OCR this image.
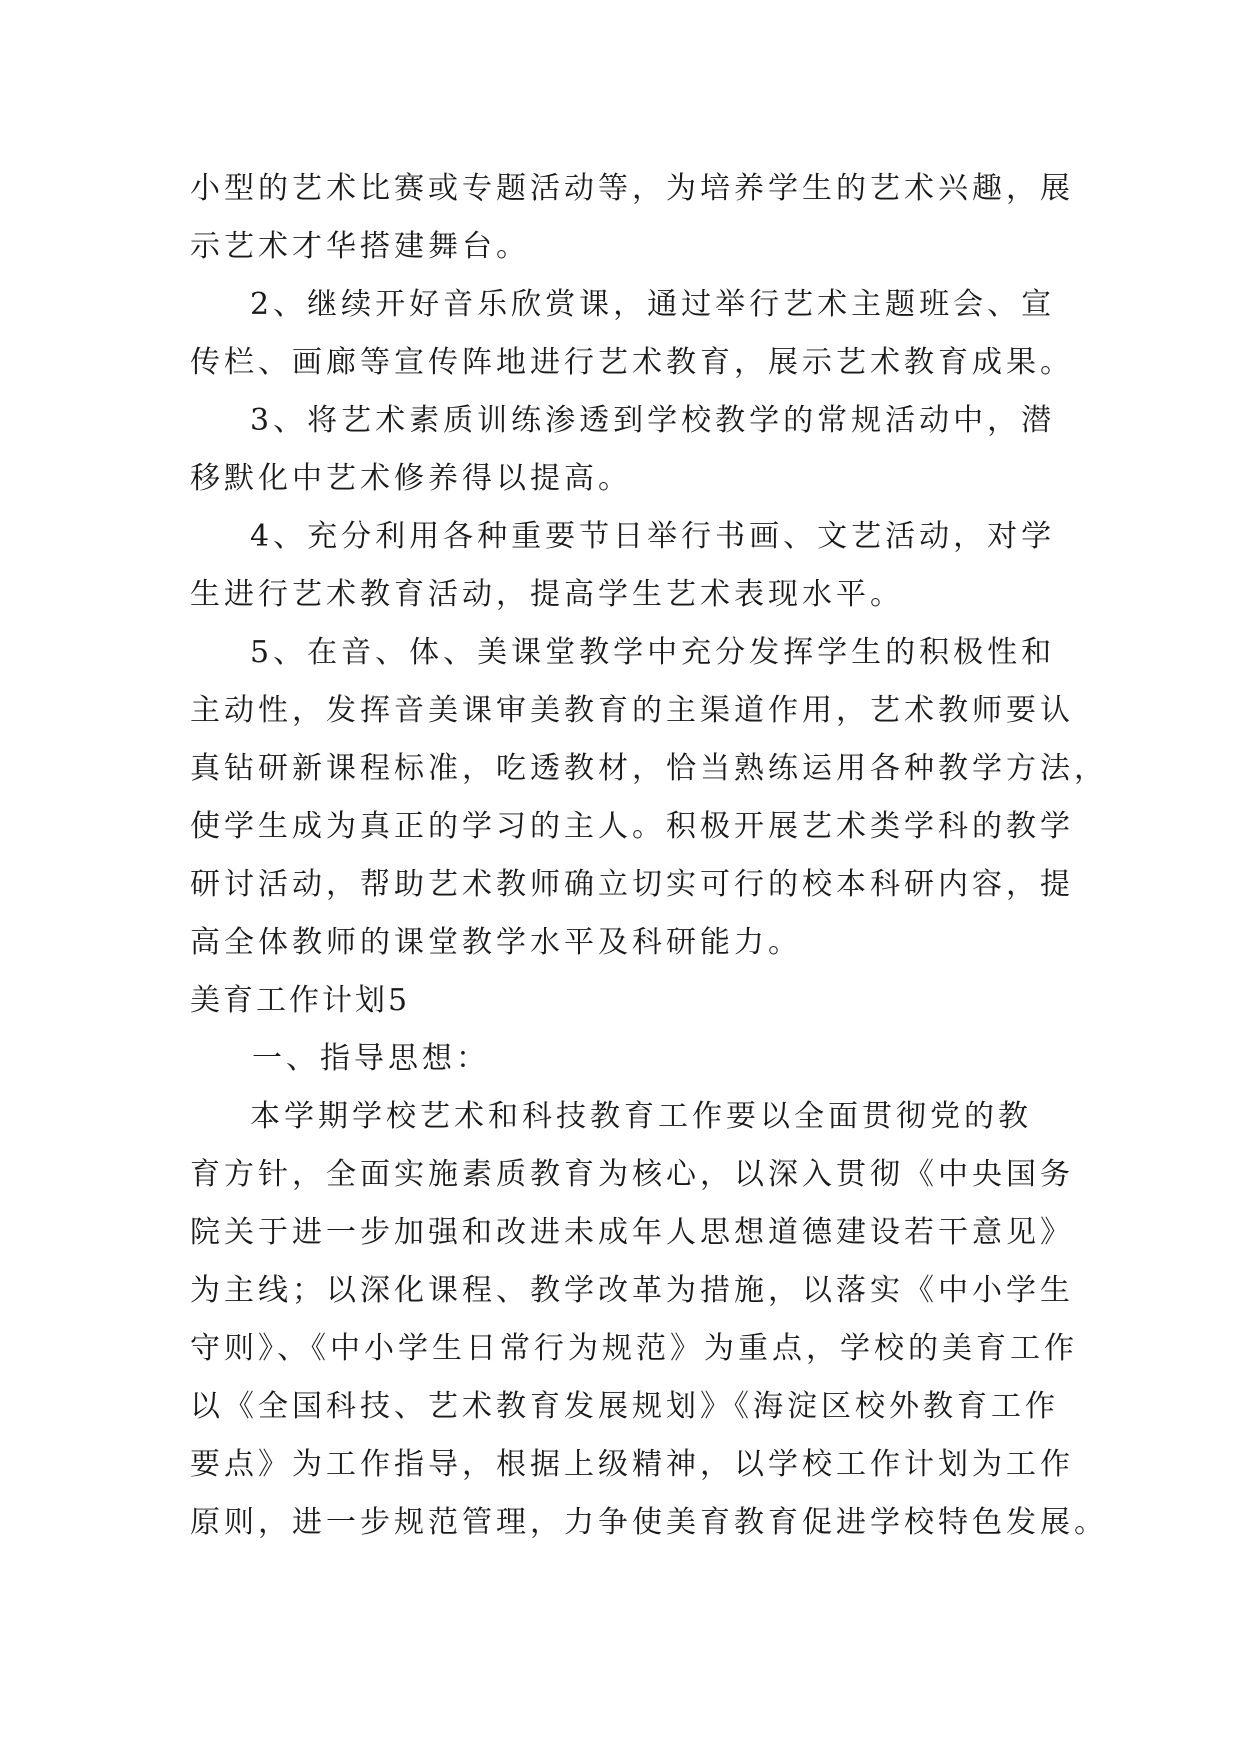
小型的艺术比赛或专题活动等，为培养学生的艺术兴趣，展
示艺术才华搭建舞台。
2、继续开好音乐欣赏课，通过举行艺术主题班会、宣
传栏、画廊等宣传阵地进行艺术教育，展示艺术教育成果。
3、将艺术素质训练渗透到学校教学的常规活动中，潜
移默化中艺术修养得以提高。
4、充分利用各种重要节日举行书画、文艺活动，对学
生进行艺术教育活动，提高学生艺术表现水平。
5、在音、体、美课堂教学中充分发挥学生的积极性和
主动性，发挥音美课审美教育的主渠道作用，艺术教师要认
真钻研新课程标准，吃透教材，恰当熟练运用各种教学方法，
使学生成为真正的学习的主人。积极开展艺术类学科的教学
研讨活动，帮助艺术教师确立切实可行的校本科研内容，提
高全体教师的课堂教学水平及科研能力。
美育工作计划5
一、指导思想：
本学期学校艺术和科技教育工作要以全面贯彻党的教
育方针，全面实施素质教育为核心，以深入贯彻《中央国务
院关于进一步加强和改进未成年人思想道德建设若干意见》
为主线；以深化课程、教学改革为措施，以落实《中小学生
守则》、《中小学生日常行为规范》为重点，学校的美育工作
以《全国科技、艺术教育发展规划》《海淀区校外教育工作
要点》为工作指导，根据上级精神，以学校工作计划为工作
原则，进一步规范管理，力争使美育教育促进学校特色发展。
